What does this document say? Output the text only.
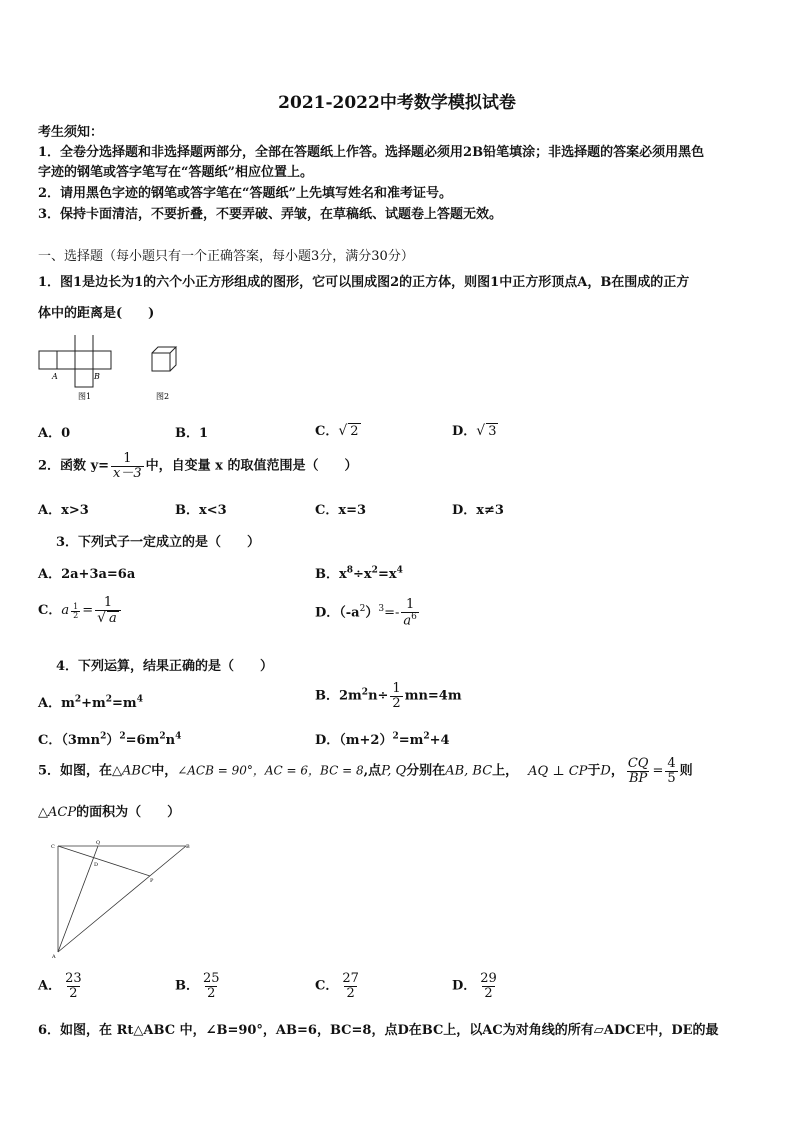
2021-2022中考数学模拟试卷
考生须知：
1．全卷分选择题和非选择题两部分，全部在答题纸上作答。选择题必须用2B铅笔填涂；非选择题的答案必须用黑色
字迹的钢笔或答字笔写在“答题纸”相应位置上。
2．请用黑色字迹的钢笔或答字笔在“答题纸”上先填写姓名和准考证号。
3．保持卡面清洁，不要折叠，不要弄破、弄皱，在草稿纸、试题卷上答题无效。
一、选择题（每小题只有一个正确答案，每小题3分，满分30分）
1．图1是边长为1的六个小正方形组成的图形，它可以围成图2的正方体，则图1中正方形顶点A，B在围成的正方
体中的距离是(　　)
A	B
图1	图2
A．0	B．1	C．√ 2	D．√ 3
2．函数 $y= \frac{1}{x-3}$ 中，自变量 x 的取值范围是（　　）
A．x>3	B．x<3	C．x=3	D．x≠3
3．下列式子一定成立的是（　　）
A．2a+3a=6a	B．$x^8\div x^2=x^4$
C．a $\frac{1}{2} = \frac{1}{√ a}$	D．$(-a^2)^3=- \frac{1}{a^6}$
4．下列运算，结果正确的是（　　）
A．$m^2+m^2=m^4$	B．$2m^2n\div \frac{1}{2} mn=4m$
C．$(3mn^2)^2=6m^2n^4$	D．$(m+2)^2=m^2+4$
5．如图，在△ABC中，∠ACB = 90°，AC = 6，BC = 8,点P, Q分别在AB, BC上， AQ ⊥ CP于D， $\frac{CQ}{BP} = \frac{4}{5}$ 则
△ACP的面积为（　　）
C
Q
B
D
P
A
A． $\frac{23}{2}$	B． $\frac{25}{2}$	C． $\frac{27}{2}$	D． $\frac{29}{2}$
6．如图，在 Rt△ABC 中，∠B=90°，AB=6，BC=8，点D在BC上，以AC为对角线的所有▱ADCE中，DE的最
